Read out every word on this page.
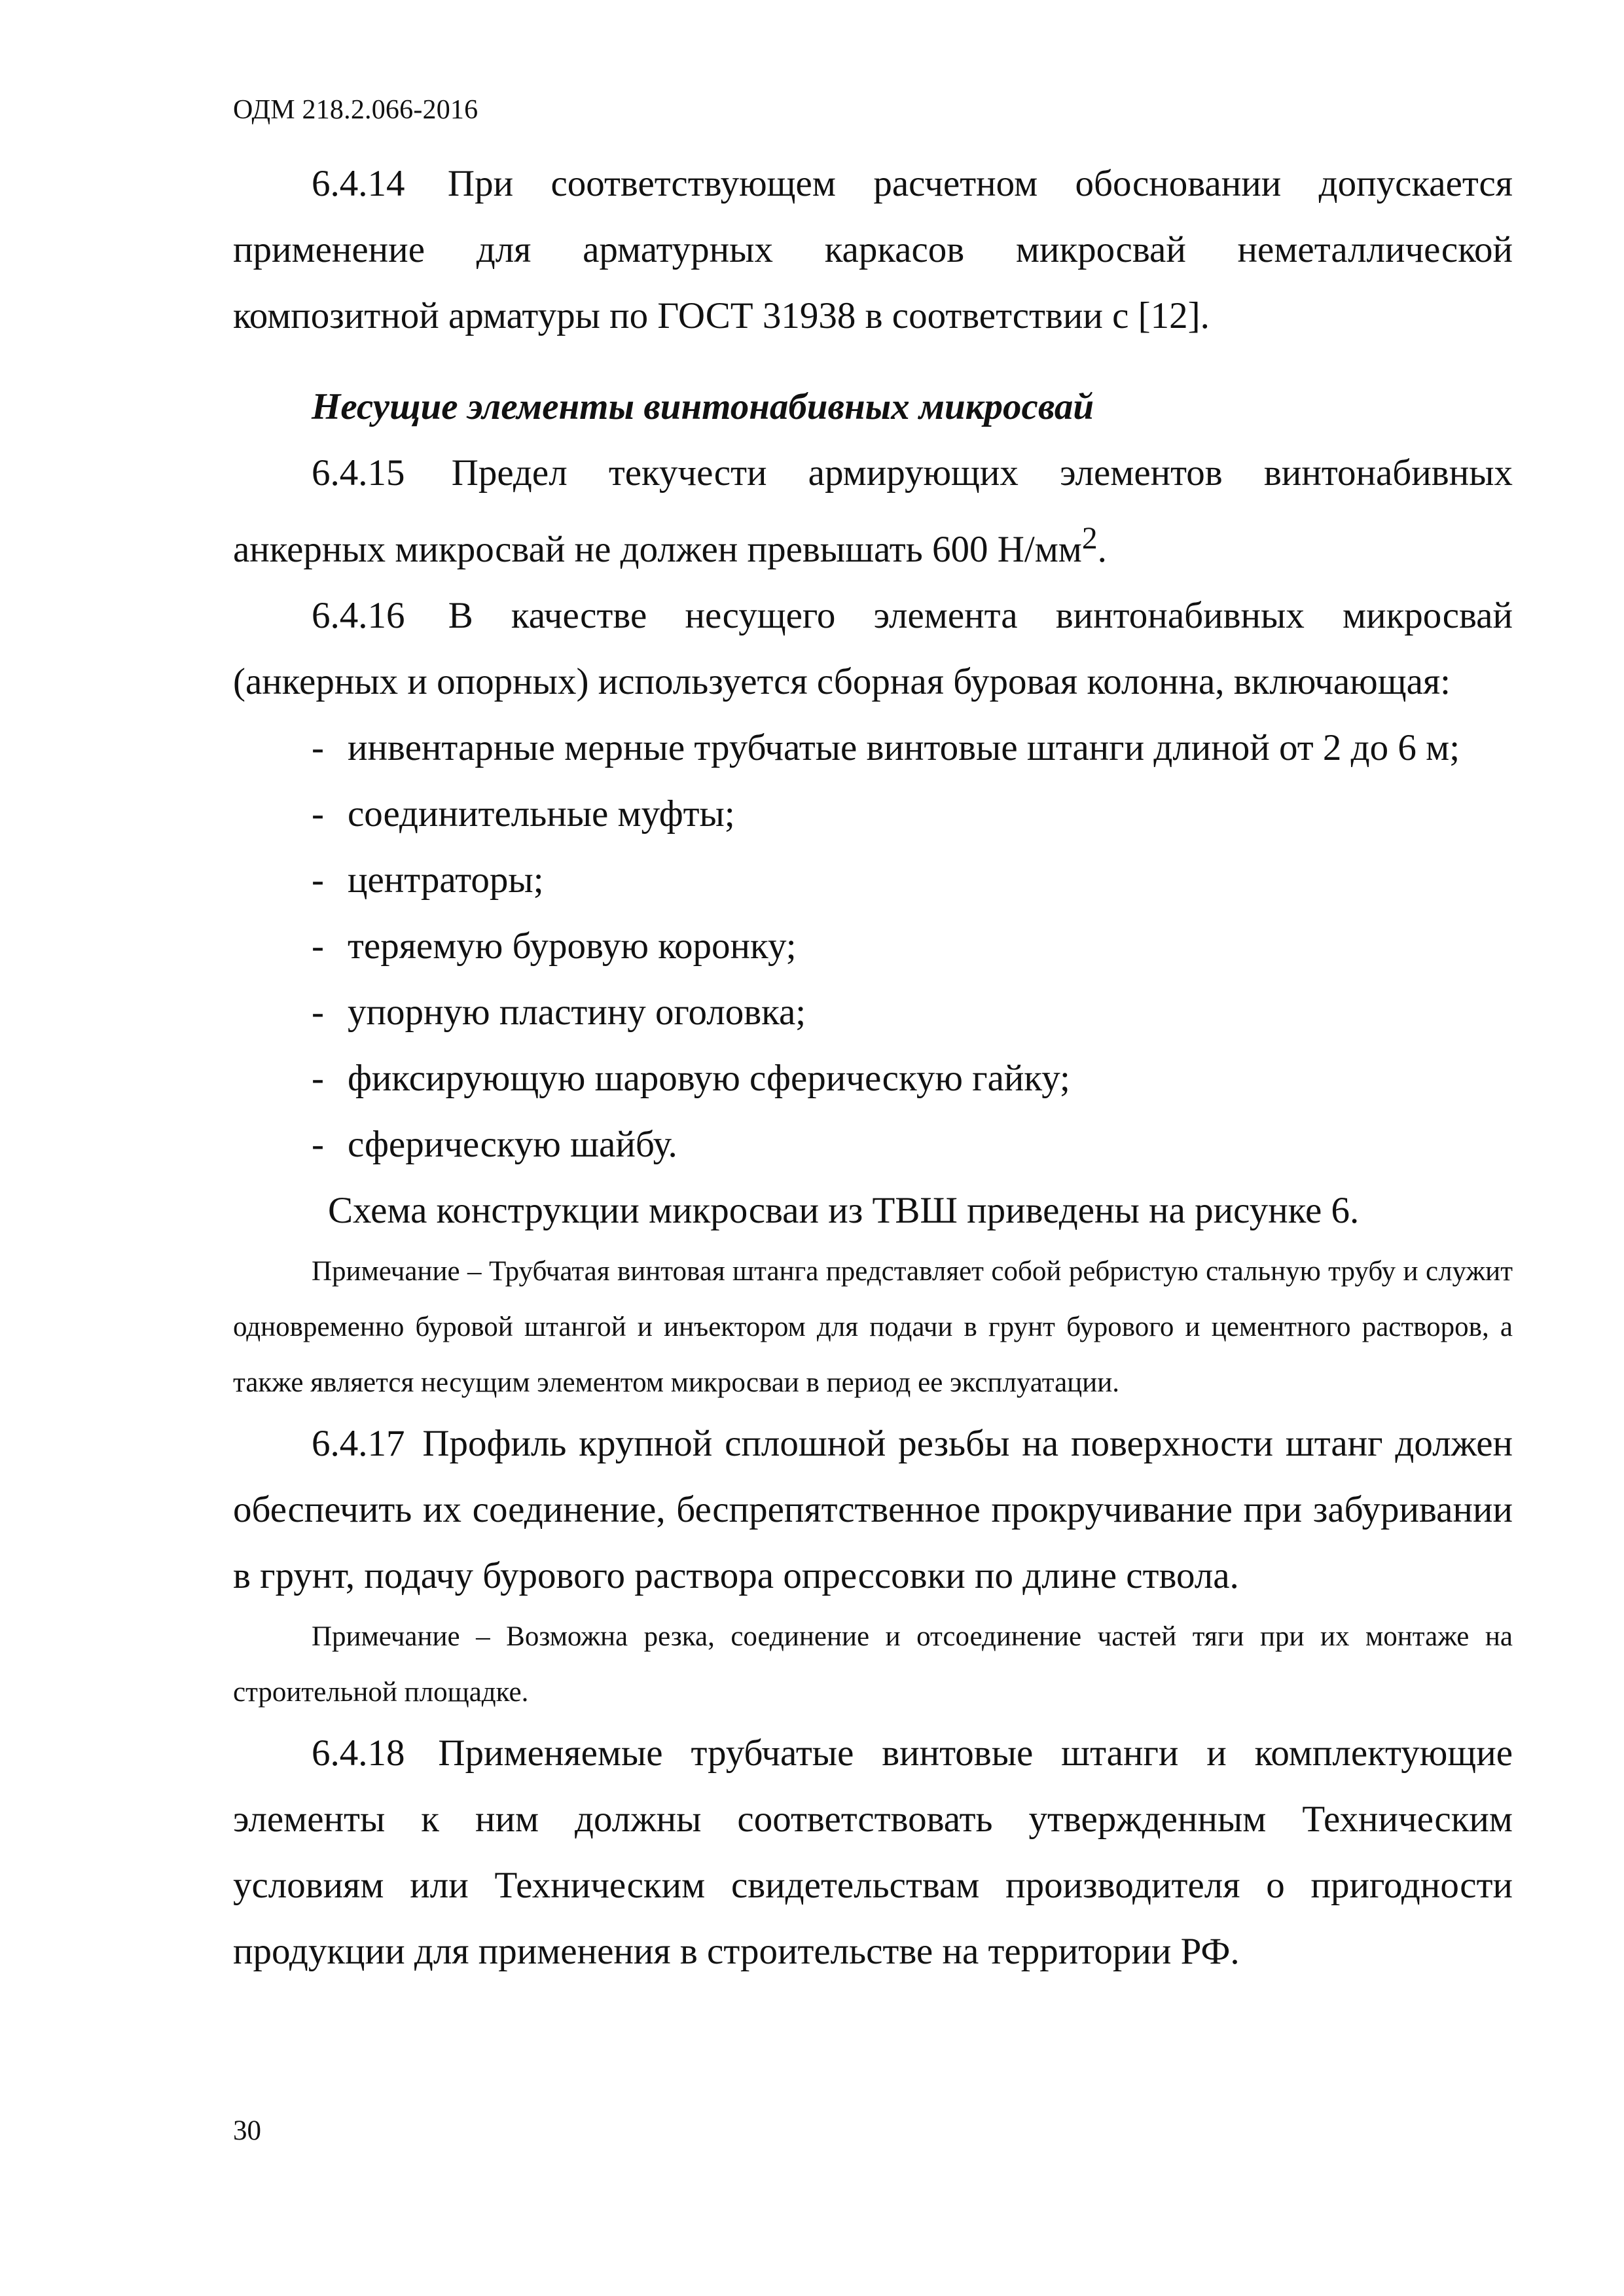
ОДМ 218.2.066-2016

6.4.14 При соответствующем расчетном обосновании допускается применение для арматурных каркасов микросвай неметаллической композитной арматуры по ГОСТ 31938 в соответствии с [12].

Несущие элементы винтонабивных микросвай

6.4.15 Предел текучести армирующих элементов винтонабивных анкерных микросвай не должен превышать 600 $Н/мм^2$.

6.4.16 В качестве несущего элемента винтонабивных микросвай (анкерных и опорных) используется сборная буровая колонна, включающая:

- инвентарные мерные трубчатые винтовые штанги длиной от 2 до 6 м;
- соединительные муфты;
- центраторы;
- теряемую буровую коронку;
- упорную пластину оголовка;
- фиксирующую шаровую сферическую гайку;
- сферическую шайбу.

Схема конструкции микросваи из ТВШ приведены на рисунке 6.

Примечание – Трубчатая винтовая штанга представляет собой ребристую стальную трубу и служит одновременно буровой штангой и инъектором для подачи в грунт бурового и цементного растворов, а также является несущим элементом микросваи в период ее эксплуатации.

6.4.17 Профиль крупной сплошной резьбы на поверхности штанг должен обеспечить их соединение, беспрепятственное прокручивание при забуривании в грунт, подачу бурового раствора опрессовки по длине ствола.

Примечание – Возможна резка, соединение и отсоединение частей тяги при их монтаже на строительной площадке.

6.4.18 Применяемые трубчатые винтовые штанги и комплектующие элементы к ним должны соответствовать утвержденным Техническим условиям или Техническим свидетельствам производителя о пригодности продукции для применения в строительстве на территории РФ.

30
